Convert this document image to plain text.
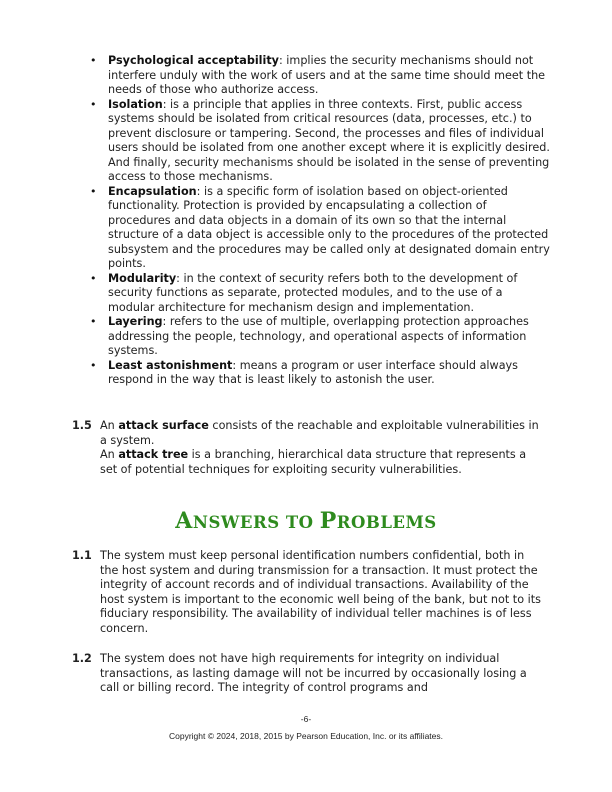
• Psychological acceptability: implies the security mechanisms should not interfere unduly with the work of users and at the same time should meet the needs of those who authorize access.
• Isolation: is a principle that applies in three contexts. First, public access systems should be isolated from critical resources (data, processes, etc.) to prevent disclosure or tampering. Second, the processes and files of individual users should be isolated from one another except where it is explicitly desired. And finally, security mechanisms should be isolated in the sense of preventing access to those mechanisms.
• Encapsulation: is a specific form of isolation based on object-oriented functionality. Protection is provided by encapsulating a collection of procedures and data objects in a domain of its own so that the internal structure of a data object is accessible only to the procedures of the protected subsystem and the procedures may be called only at designated domain entry points.
• Modularity: in the context of security refers both to the development of security functions as separate, protected modules, and to the use of a modular architecture for mechanism design and implementation.
• Layering: refers to the use of multiple, overlapping protection approaches addressing the people, technology, and operational aspects of information systems.
• Least astonishment: means a program or user interface should always respond in the way that is least likely to astonish the user.
1.5 An attack surface consists of the reachable and exploitable vulnerabilities in a system.

An attack tree is a branching, hierarchical data structure that represents a set of potential techniques for exploiting security vulnerabilities.

ANSWERS TO PROBLEMS
1.1 The system must keep personal identification numbers confidential, both in the host system and during transmission for a transaction. It must protect the integrity of account records and of individual transactions. Availability of the host system is important to the economic well being of the bank, but not to its fiduciary responsibility. The availability of individual teller machines is of less concern.
1.2 The system does not have high requirements for integrity on individual transactions, as lasting damage will not be incurred by occasionally losing a call or billing record. The integrity of control programs and
-6-
Copyright © 2024, 2018, 2015 by Pearson Education, Inc. or its affiliates.
